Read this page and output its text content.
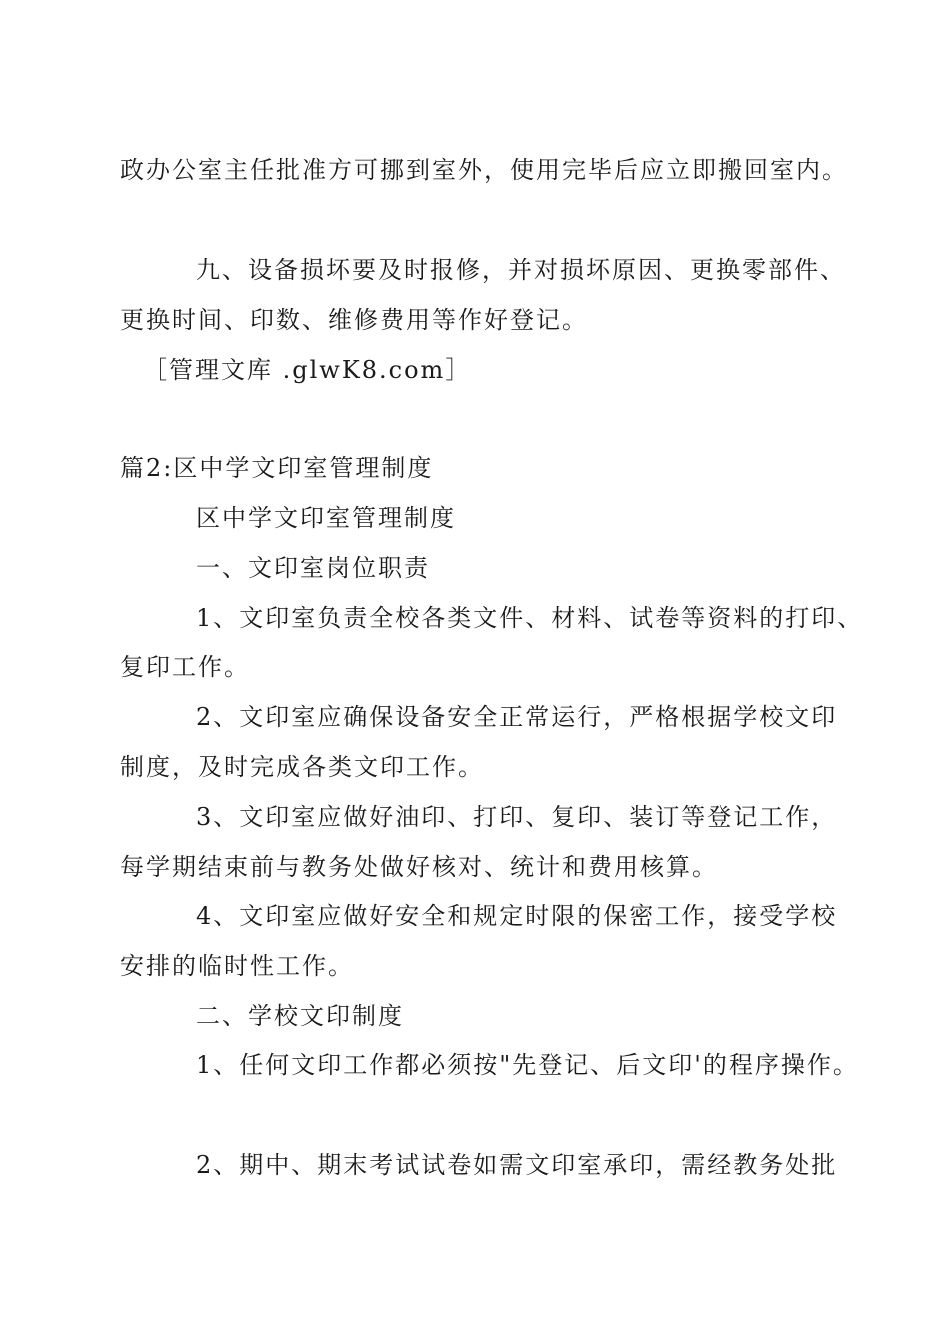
政办公室主任批准方可挪到室外，使用完毕后应立即搬回室内。
九、设备损坏要及时报修，并对损坏原因、更换零部件、
更换时间、印数、维修费用等作好登记。
［管理文库 .glwK8.com］
篇2:区中学文印室管理制度
区中学文印室管理制度
一、文印室岗位职责
1、文印室负责全校各类文件、材料、试卷等资料的打印、
复印工作。
2、文印室应确保设备安全正常运行，严格根据学校文印
制度，及时完成各类文印工作。
3、文印室应做好油印、打印、复印、装订等登记工作，
每学期结束前与教务处做好核对、统计和费用核算。
4、文印室应做好安全和规定时限的保密工作，接受学校
安排的临时性工作。
二、学校文印制度
1、任何文印工作都必须按"先登记、后文印'的程序操作。
2、期中、期末考试试卷如需文印室承印，需经教务处批
